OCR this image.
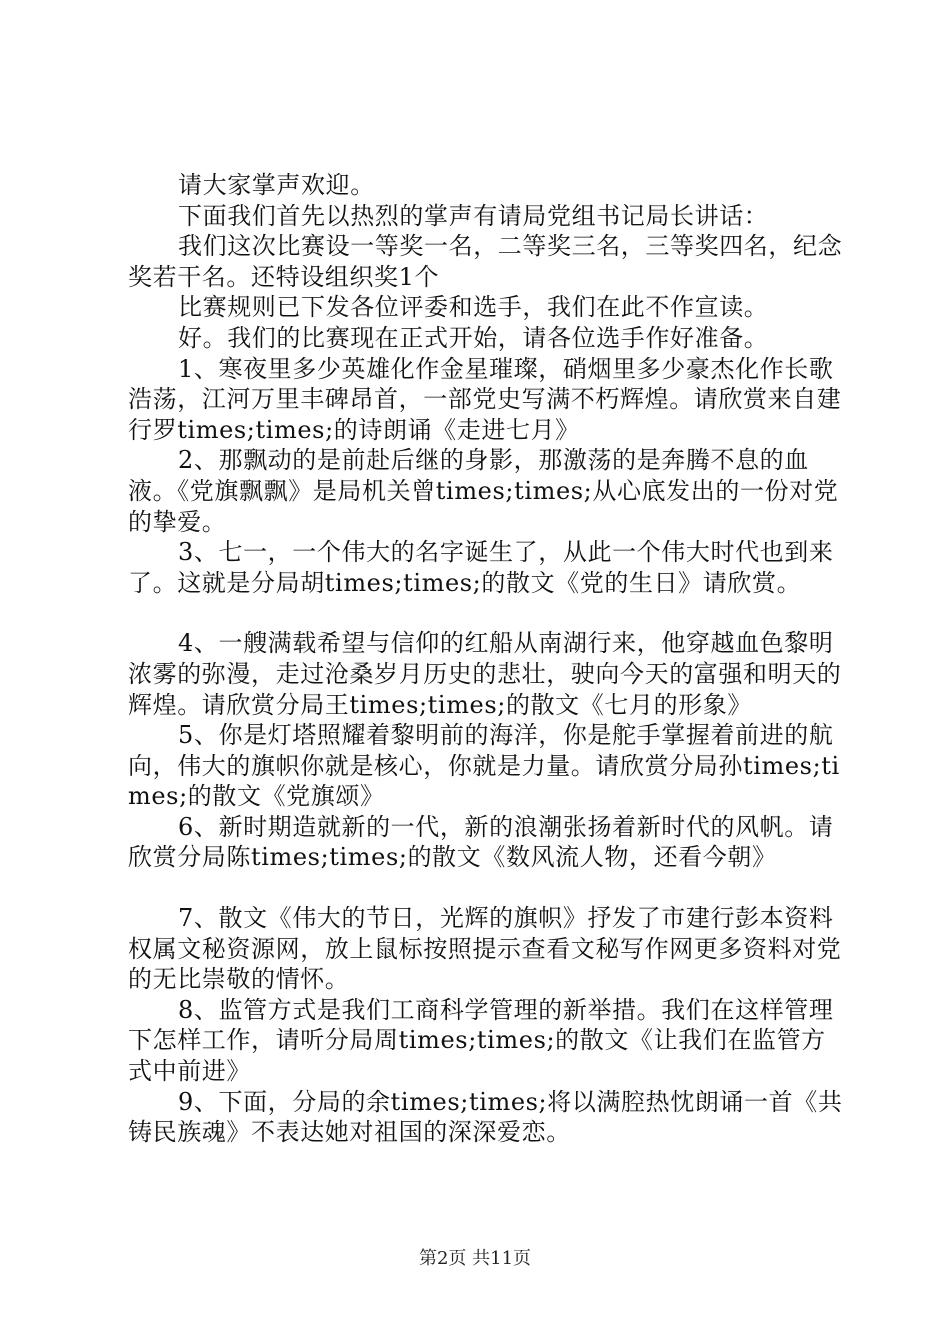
请大家掌声欢迎。

下面我们首先以热烈的掌声有请局党组书记局长讲话：

我们这次比赛设一等奖一名，二等奖三名，三等奖四名，纪念奖若干名。还特设组织奖1个

比赛规则已下发各位评委和选手，我们在此不作宣读。

好。我们的比赛现在正式开始，请各位选手作好准备。

1、寒夜里多少英雄化作金星璀璨，硝烟里多少豪杰化作长歌浩荡，江河万里丰碑昂首，一部党史写满不朽辉煌。请欣赏来自建行罗times;times;的诗朗诵《走进七月》

2、那飘动的是前赴后继的身影，那激荡的是奔腾不息的血液。《党旗飘飘》是局机关曾times;times;从心底发出的一份对党的挚爱。

3、七一，一个伟大的名字诞生了，从此一个伟大时代也到来了。这就是分局胡times;times;的散文《党的生日》请欣赏。

4、一艘满载希望与信仰的红船从南湖行来，他穿越血色黎明浓雾的弥漫，走过沧桑岁月历史的悲壮，驶向今天的富强和明天的辉煌。请欣赏分局王times;times;的散文《七月的形象》

5、你是灯塔照耀着黎明前的海洋，你是舵手掌握着前进的航向，伟大的旗帜你就是核心，你就是力量。请欣赏分局孙times;times;的散文《党旗颂》

6、新时期造就新的一代，新的浪潮张扬着新时代的风帆。请欣赏分局陈times;times;的散文《数风流人物，还看今朝》

7、散文《伟大的节日，光辉的旗帜》抒发了市建行彭本资料权属文秘资源网，放上鼠标按照提示查看文秘写作网更多资料对党的无比崇敬的情怀。

8、监管方式是我们工商科学管理的新举措。我们在这样管理下怎样工作，请听分局周times;times;的散文《让我们在监管方式中前进》

9、下面，分局的余times;times;将以满腔热忱朗诵一首《共铸民族魂》不表达她对祖国的深深爱恋。

第2页 共11页
